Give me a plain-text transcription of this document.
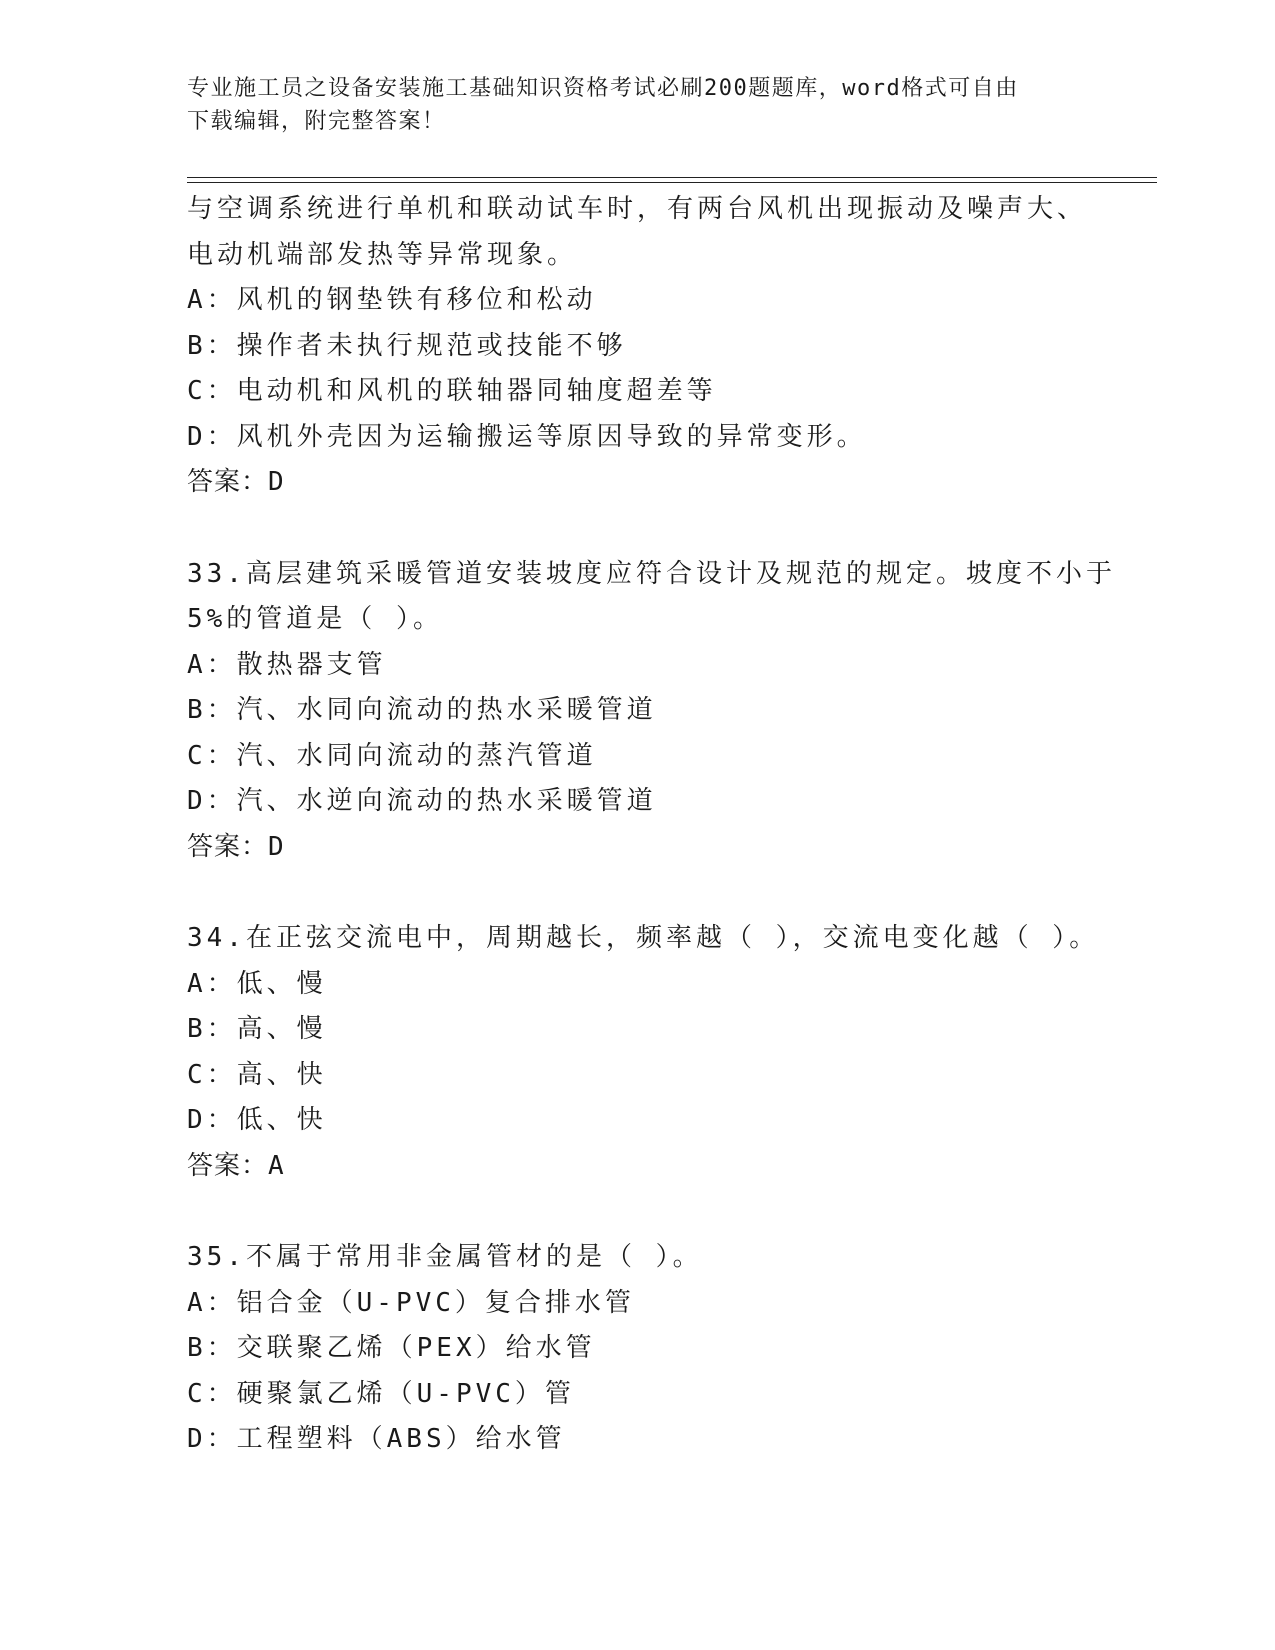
专业施工员之设备安装施工基础知识资格考试必刷200题题库，word格式可自由
下载编辑，附完整答案！
与空调系统进行单机和联动试车时，有两台风机出现振动及噪声大、
电动机端部发热等异常现象。
A：风机的钢垫铁有移位和松动
B：操作者未执行规范或技能不够
C：电动机和风机的联轴器同轴度超差等
D：风机外壳因为运输搬运等原因导致的异常变形。
答案：D
33.高层建筑采暖管道安装坡度应符合设计及规范的规定。坡度不小于
5%的管道是（ ）。
A：散热器支管
B：汽、水同向流动的热水采暖管道
C：汽、水同向流动的蒸汽管道
D：汽、水逆向流动的热水采暖管道
答案：D
34.在正弦交流电中，周期越长，频率越（ ），交流电变化越（ ）。
A：低、慢
B：高、慢
C：高、快
D：低、快
答案：A
35.不属于常用非金属管材的是（ ）。
A：铝合金（U-PVC）复合排水管
B：交联聚乙烯（PEX）给水管
C：硬聚氯乙烯（U-PVC）管
D：工程塑料（ABS）给水管
